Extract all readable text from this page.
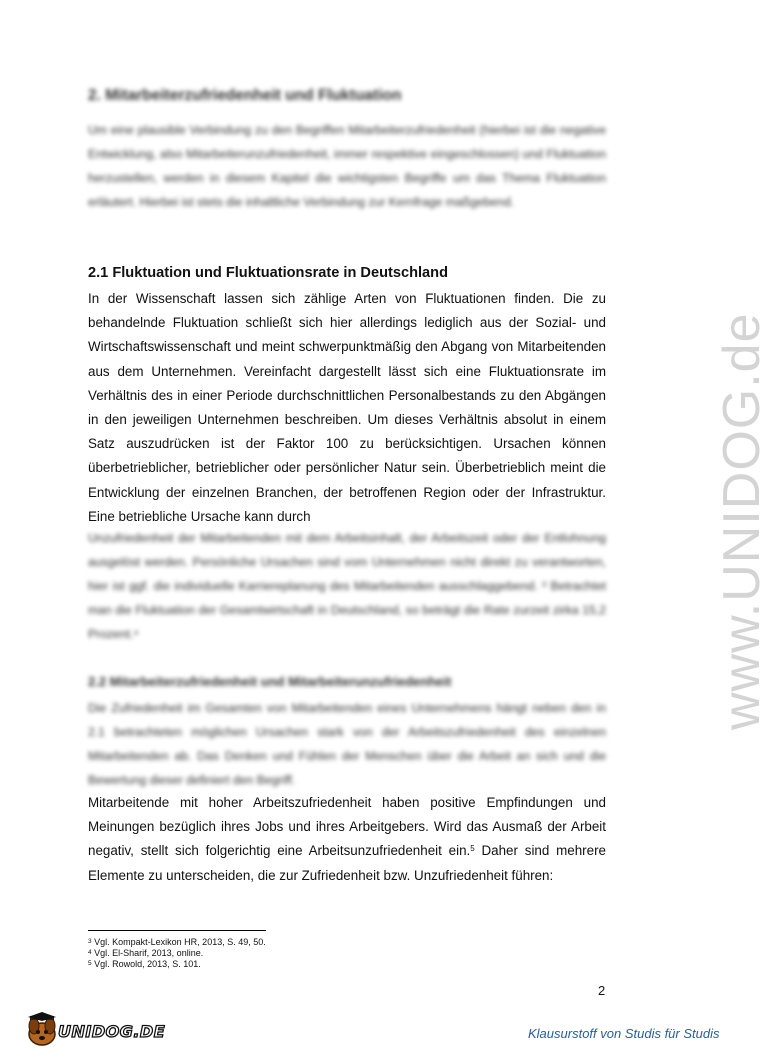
www.UNIDOG.de
2. Mitarbeiterzufriedenheit und Fluktuation
Um eine plausible Verbindung zu den Begriffen Mitarbeiterzufriedenheit (hierbei ist die negative Entwicklung, also Mitarbeiterunzufriedenheit, immer respektive eingeschlossen) und Fluktuation herzustellen, werden in diesem Kapitel die wichtigsten Begriffe um das Thema Fluktuation erläutert. Hierbei ist stets die inhaltliche Verbindung zur Kernfrage maßgebend.
2.1 Fluktuation und Fluktuationsrate in Deutschland
In der Wissenschaft lassen sich zählige Arten von Fluktuationen finden. Die zu behandelnde Fluktuation schließt sich hier allerdings lediglich aus der Sozial- und Wirtschaftswissenschaft und meint schwerpunktmäßig den Abgang von Mitarbeitenden aus dem Unternehmen. Vereinfacht dargestellt lässt sich eine Fluktuationsrate im Verhältnis des in einer Periode durchschnittlichen Personalbestands zu den Abgängen in den jeweiligen Unternehmen beschreiben. Um dieses Verhältnis absolut in einem Satz auszudrücken ist der Faktor 100 zu berücksichtigen. Ursachen können überbetrieblicher, betrieblicher oder persönlicher Natur sein. Überbetrieblich meint die Entwicklung der einzelnen Branchen, der betroffenen Region oder der Infrastruktur. Eine betriebliche Ursache kann durch
Unzufriedenheit der Mitarbeitenden mit dem Arbeitsinhalt, der Arbeitszeit oder der Entlohnung ausgelöst werden. Persönliche Ursachen sind vom Unternehmen nicht direkt zu verantworten, hier ist ggf. die individuelle Karriereplanung des Mitarbeitenden ausschlaggebend. ³ Betrachtet man die Fluktuation der Gesamtwirtschaft in Deutschland, so beträgt die Rate zurzeit zirka 15,2 Prozent.⁴
2.2 Mitarbeiterzufriedenheit und Mitarbeiterunzufriedenheit
Die Zufriedenheit im Gesamten von Mitarbeitenden eines Unternehmens hängt neben den in 2.1 betrachteten möglichen Ursachen stark von der Arbeitszufriedenheit des einzelnen Mitarbeitenden ab. Das Denken und Fühlen der Menschen über die Arbeit an sich und die Bewertung dieser definiert den Begriff.
Mitarbeitende mit hoher Arbeitszufriedenheit haben positive Empfindungen und Meinungen bezüglich ihres Jobs und ihres Arbeitgebers. Wird das Ausmaß der Arbeit negativ, stellt sich folgerichtig eine Arbeitsunzufriedenheit ein.$^5$ Daher sind mehrere Elemente zu unterscheiden, die zur Zufriedenheit bzw. Unzufriedenheit führen:
$^3$ Vgl. Kompakt-Lexikon HR, 2013, S. 49, 50.
$^4$ Vgl. El-Sharif, 2013, online.
$^5$ Vgl. Rowold, 2013, S. 101.
2
UNIDOG.DE	Klausurstoff von Studis für Studis
